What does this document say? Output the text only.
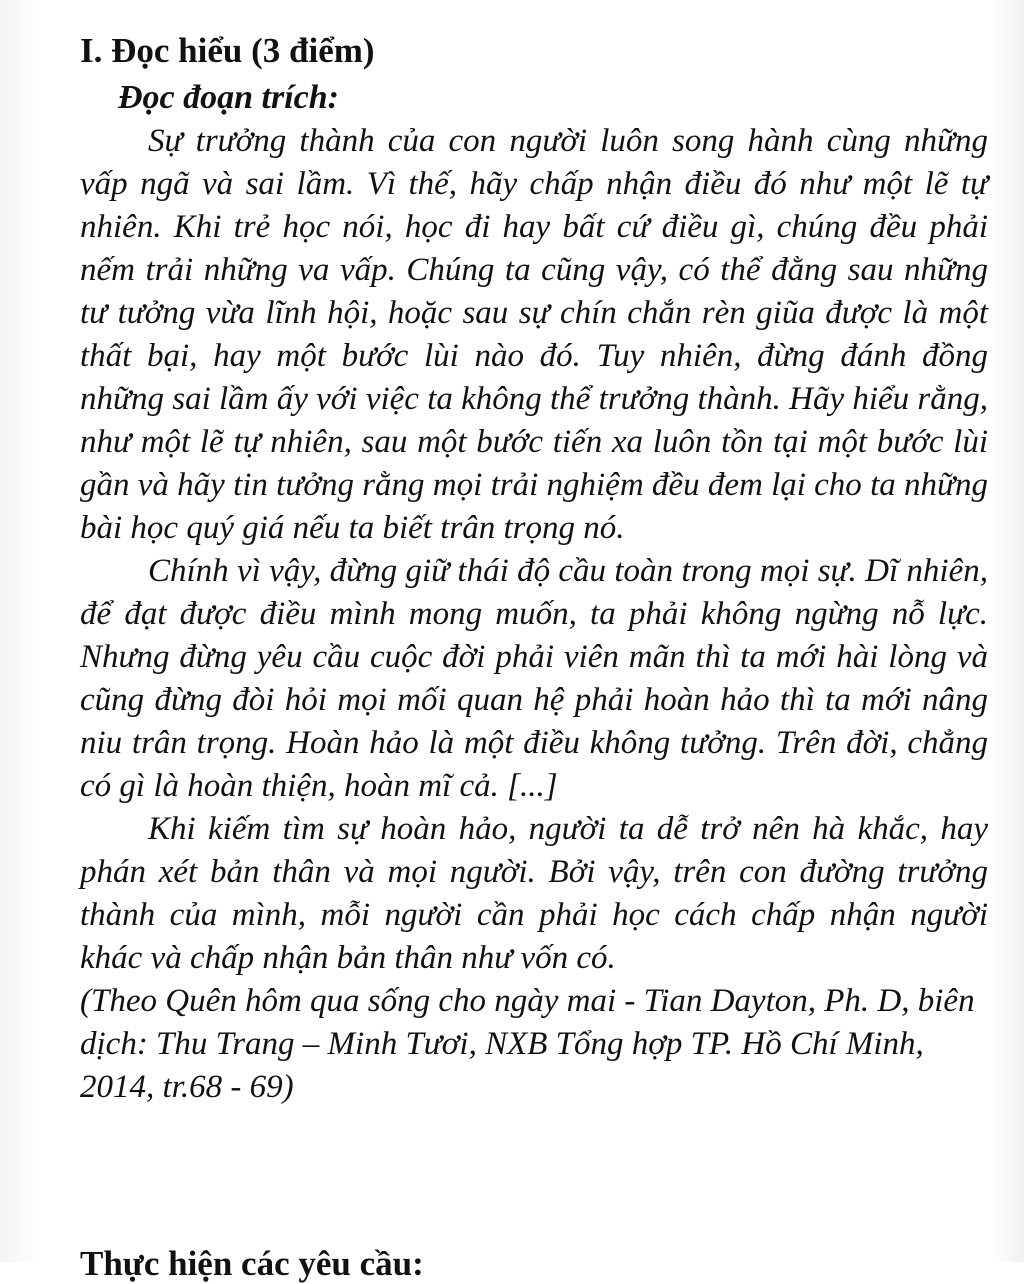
I. Đọc hiểu (3 điểm)

Đọc đoạn trích:

Sự trưởng thành của con người luôn song hành cùng những vấp ngã và sai lầm. Vì thế, hãy chấp nhận điều đó như một lẽ tự nhiên. Khi trẻ học nói, học đi hay bất cứ điều gì, chúng đều phải nếm trải những va vấp. Chúng ta cũng vậy, có thể đằng sau những tư tưởng vừa lĩnh hội, hoặc sau sự chín chắn rèn giũa được là một thất bại, hay một bước lùi nào đó. Tuy nhiên, đừng đánh đồng những sai lầm ấy với việc ta không thể trưởng thành. Hãy hiểu rằng, như một lẽ tự nhiên, sau một bước tiến xa luôn tồn tại một bước lùi gần và hãy tin tưởng rằng mọi trải nghiệm đều đem lại cho ta những bài học quý giá nếu ta biết trân trọng nó.

Chính vì vậy, đừng giữ thái độ cầu toàn trong mọi sự. Dĩ nhiên, để đạt được điều mình mong muốn, ta phải không ngừng nỗ lực. Nhưng đừng yêu cầu cuộc đời phải viên mãn thì ta mới hài lòng và cũng đừng đòi hỏi mọi mối quan hệ phải hoàn hảo thì ta mới nâng niu trân trọng. Hoàn hảo là một điều không tưởng. Trên đời, chẳng có gì là hoàn thiện, hoàn mĩ cả. [...]

Khi kiếm tìm sự hoàn hảo, người ta dễ trở nên hà khắc, hay phán xét bản thân và mọi người. Bởi vậy, trên con đường trưởng thành của mình, mỗi người cần phải học cách chấp nhận người khác và chấp nhận bản thân như vốn có.

(Theo Quên hôm qua sống cho ngày mai - Tian Dayton, Ph. D, biên dịch: Thu Trang – Minh Tươi, NXB Tổng hợp TP. Hồ Chí Minh, 2014, tr.68 - 69)

Thực hiện các yêu cầu:
